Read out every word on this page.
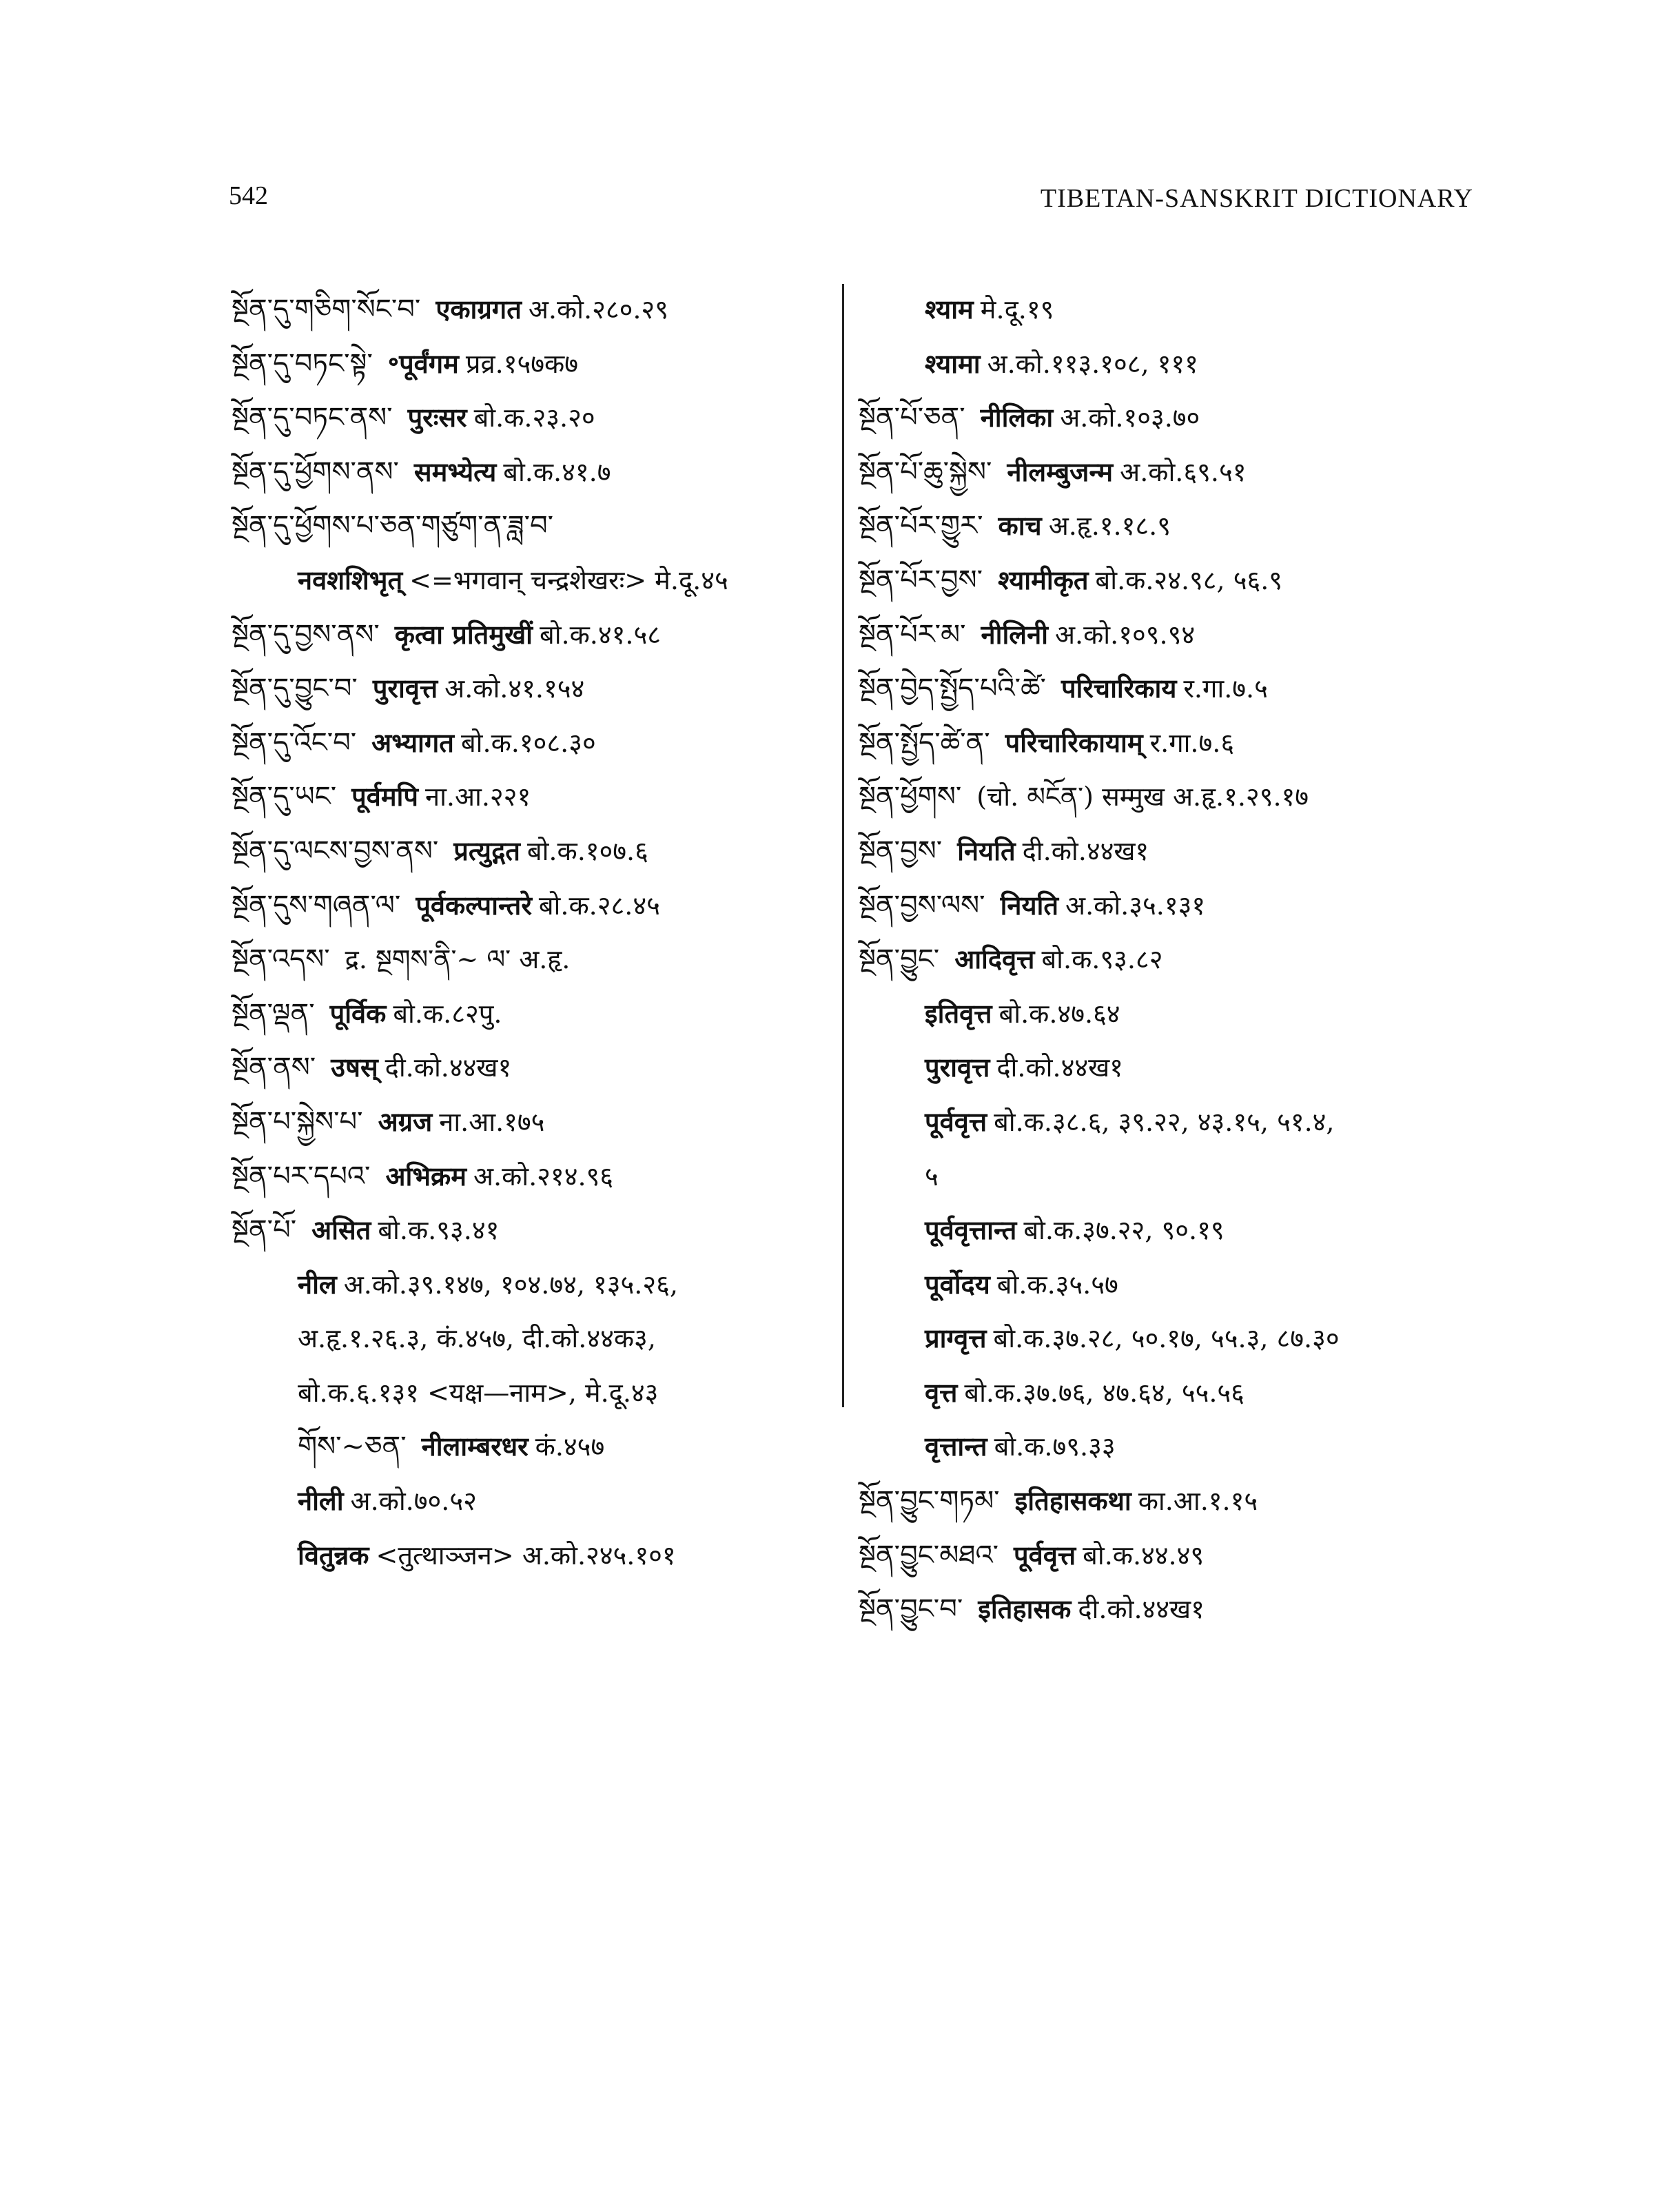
542	TIBETAN-SANSKRIT DICTIONARY
སྔོན་དུ་གཅིག་སོང་བ་ एकाग्रगत अ.को.२८०.२९
སྔོན་དུ་བཏང་སྟེ་ ॰पूर्वंगम प्रव्र.१५७क७
སྔོན་དུ་བཏང་ནས་ पुरःसर बो.क.२३.२०
སྔོན་དུ་ཕྱོགས་ནས་ समभ्येत्य बो.क.४१.७
སྔོན་དུ་ཕྱོགས་པ་ཅན་གཙུག་ན་ཟླ་བ་
नवशशिभृत् <=भगवान् चन्द्रशेखरः> मे.दू.४५
སྔོན་དུ་བྱས་ནས་ कृत्वा प्रतिमुखीं बो.क.४१.५८
སྔོན་དུ་བྱུང་བ་ पुरावृत्त अ.को.४१.१५४
སྔོན་དུ་འོང་བ་ अभ्यागत बो.क.१०८.३०
སྔོན་དུ་ཡང་ पूर्वमपि ना.आ.२२१
སྔོན་དུ་ལངས་བྱས་ནས་ प्रत्युद्गत बो.क.१०७.६
སྔོན་དུས་གཞན་ལ་ पूर्वकल्पान्तरे बो.क.२८.४५
སྔོན་འདས་ द्र. སྔགས་ནི་~ ལ་ अ.हृ.
སྔོན་ལྡན་ पूर्विक बो.क.८२पु.
སྔོན་ནས་ उषस् दी.को.४४ख१
སྔོན་པ་སྐྱེས་པ་ अग्रज ना.आ.१७५
སྔོན་པར་དཔའ་ अभिक्रम अ.को.२१४.९६
སྔོན་པོ་ असित बो.क.९३.४१
नील अ.को.३९.१४७, १०४.७४, १३५.२६,
अ.हृ.१.२६.३, कं.४५७, दी.को.४४क३,
बो.क.६.१३१ <यक्ष—नाम>, मे.दू.४३
གོས་~ཅན་ नीलाम्बरधर कं.४५७
नीली अ.को.७०.५२
वितुन्नक <तुत्थाञ्जन> अ.को.२४५.१०१
श्याम मे.दू.१९
श्यामा अ.को.११३.१०८, १११
སྔོན་པོ་ཅན་ नीलिका अ.को.१०३.७०
སྔོན་པོ་ཆུ་སྐྱེས་ नीलम्बुजन्म अ.को.६९.५१
སྔོན་པོར་གྱུར་ काच अ.हृ.१.१८.९
སྔོན་པོར་བྱས་ श्यामीकृत बो.क.२४.९८, ५६.९
སྔོན་པོར་མ་ नीलिनी अ.को.१०९.९४
སྔོན་བྱེད་སྤྱོད་པའི་ཚེ་ परिचारिकाय र.गा.७.५
སྔོན་སྤྱོད་ཚེ་ན་ परिचारिकायाम् र.गा.७.६
སྔོན་ཕྱོགས་ (चो. མངོན་) सम्मुख अ.हृ.१.२९.१७
སྔོན་བྱས་ नियति दी.को.४४ख१
སྔོན་བྱས་ལས་ नियति अ.को.३५.१३१
སྔོན་བྱུང་ आदिवृत्त बो.क.९३.८२
इतिवृत्त बो.क.४७.६४
पुरावृत्त दी.को.४४ख१
पूर्ववृत्त बो.क.३८.६, ३९.२२, ४३.१५, ५१.४,
५
पूर्ववृत्तान्त बो.क.३७.२२, ९०.१९
पूर्वोदय बो.क.३५.५७
प्राग्वृत्त बो.क.३७.२८, ५०.१७, ५५.३, ८७.३०
वृत्त बो.क.३७.७६, ४७.६४, ५५.५६
वृत्तान्त बो.क.७९.३३
སྔོན་བྱུང་གཏམ་ इतिहासकथा का.आ.१.१५
སྔོན་བྱུང་མཐའ་ पूर्ववृत्त बो.क.४४.४९
སྔོན་བྱུང་བ་ इतिहासक दी.को.४४ख१
